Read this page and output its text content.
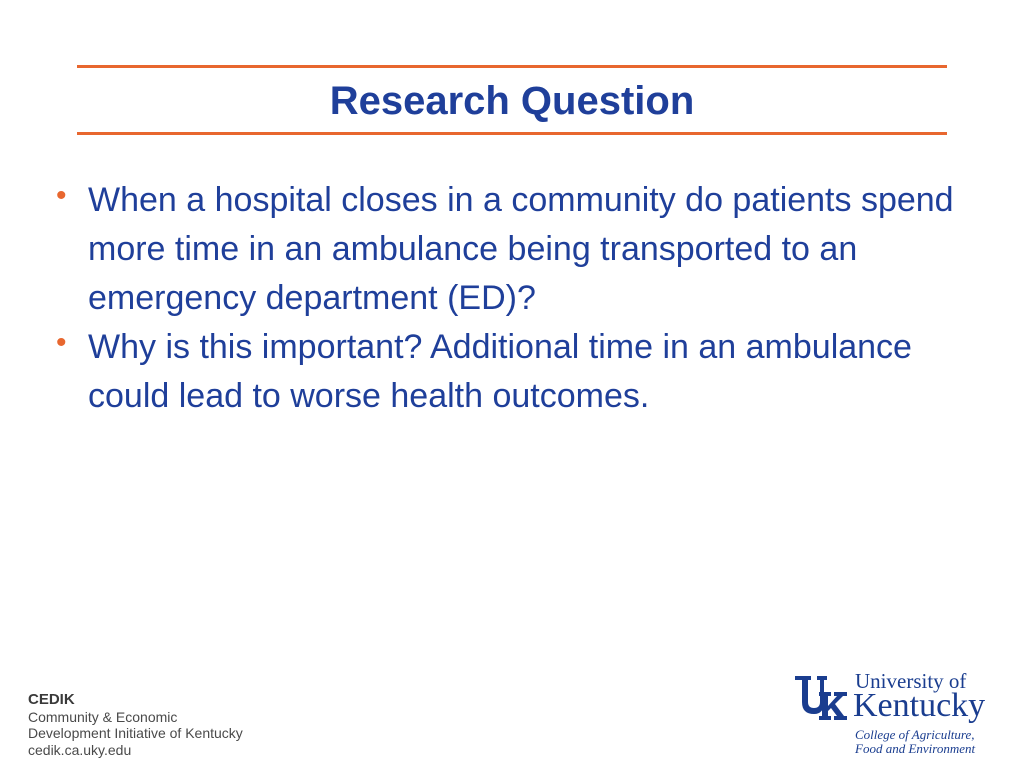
Research Question
• When a hospital closes in a community do patients spend more time in an ambulance being transported to an emergency department (ED)?
• Why is this important? Additional time in an ambulance could lead to worse health outcomes.
CEDIK
Community & Economic
Development Initiative of Kentucky
cedik.ca.uky.edu
University of
Kentucky
College of Agriculture,
Food and Environment
